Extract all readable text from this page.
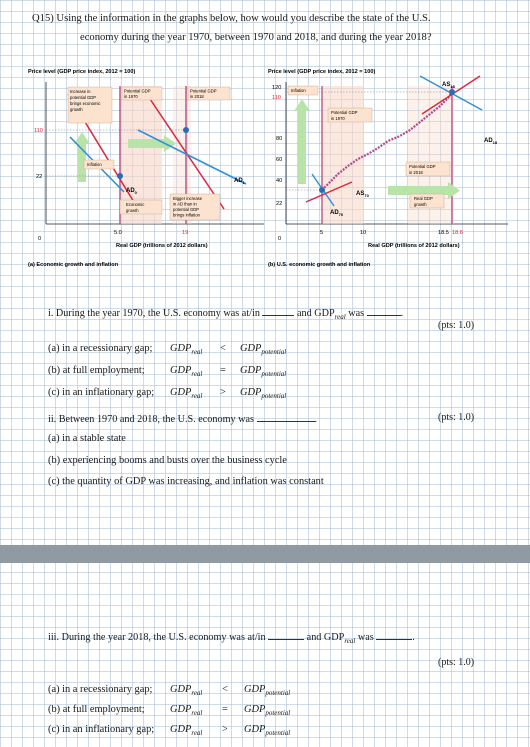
Q15) Using the information in the graphs below, how would you describe the state of the U.S.
economy during the year 1970, between 1970 and 2018, and during the year 2018?
Price level (GDP price index, 2012 = 100)
110
22
0
5.0	19
Increase in
potential GDP
brings economic
growth
Potential GDP
in 1970
Potential GDP
in 2018
Inflation
Economic
growth
Bigger increase
in AD than in
potential GDP
brings inflation
$AD_0$
$AD_1$
Real GDP (trillions of 2012 dollars)
(a) Economic growth and inflation
Price level (GDP price index, 2012 = 100)
120
110
80
60
40
22
0
5	10	18.5 18.6
Inflation
Potential GDP
in 1970
Potential GDP
in 2018
Real GDP
growth
$AS_{18}$
$AD_{18}$
$AS_{70}$
$AD_{70}$
Real GDP (trillions of 2012 dollars)
(b) U.S. economic growth and inflation
i. During the year 1970, the U.S. economy was at/in	and $GDP_{real}$ was	.
(pts: 1.0)
(a) in a recessionary gap; $GDP_{real} < GDP_{potential}$
(b) at full employment; $GDP_{real} = GDP_{potential}$
(c) in an inflationary gap; $GDP_{real} > GDP_{potential}$
ii. Between 1970 and 2018, the U.S. economy was	.	(pts: 1.0)
(a) in a stable state
(b) experiencing booms and busts over the business cycle
(c) the quantity of GDP was increasing, and inflation was constant
iii. During the year 2018, the U.S. economy was at/in	and $GDP_{real}$ was	.
(pts: 1.0)
(a) in a recessionary gap; $GDP_{real} < GDP_{potential}$
(b) at full employment; $GDP_{real} = GDP_{potential}$
(c) in an inflationary gap; $GDP_{real} > GDP_{potential}$
